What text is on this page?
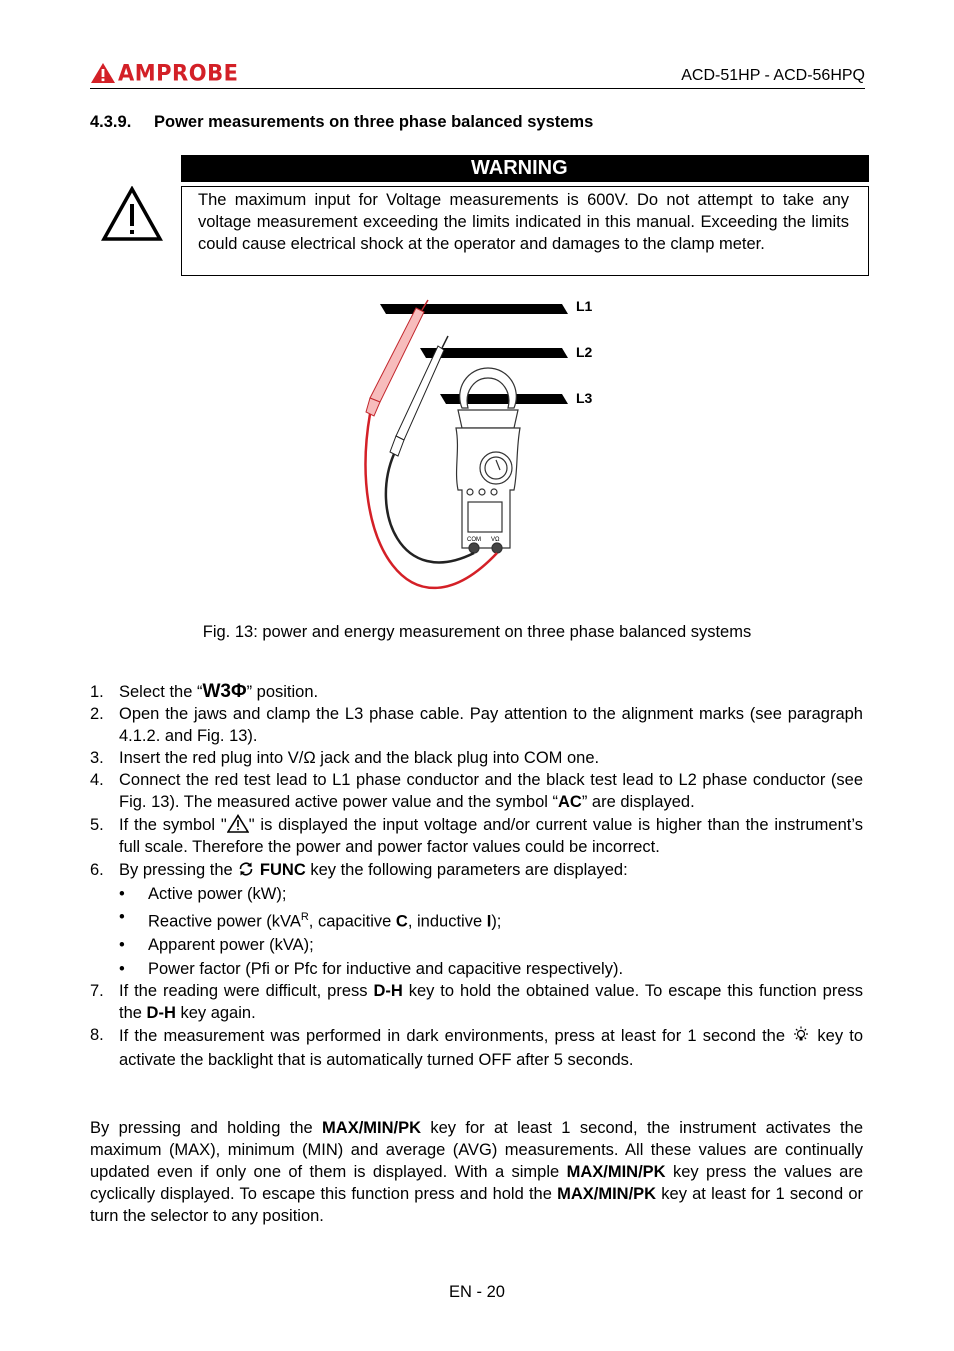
AMPROBE	ACD-51HP - ACD-56HPQ
4.3.9. Power measurements on three phase balanced systems
WARNING
The maximum input for Voltage measurements is 600V. Do not attempt to take any voltage measurement exceeding the limits indicated in this manual. Exceeding the limits could cause electrical shock at the operator and damages to the clamp meter.
L1
L2
L3
COM VΩ
Fig. 13: power and energy measurement on three phase balanced systems
1. Select the “W3Φ” position.
2. Open the jaws and clamp the L3 phase cable. Pay attention to the alignment marks (see paragraph 4.1.2. and Fig. 13).
3. Insert the red plug into V/Ω jack and the black plug into COM one.
4. Connect the red test lead to L1 phase conductor and the black test lead to L2 phase conductor (see Fig. 13). The measured active power value and the symbol “AC” are displayed.
5. If the symbol " " is displayed the input voltage and/or current value is higher than the instrument’s full scale. Therefore the power and power factor values could be incorrect.
6. By pressing the  FUNC key the following parameters are displayed:
•	Active power (kW);
•	Reactive power (kVA$^R$, capacitive C, inductive I);
•	Apparent power (kVA);
•	Power factor (Pfi or Pfc for inductive and capacitive respectively).
7. If the reading were difficult, press D-H key to hold the obtained value. To escape this function press the D-H key again.
8. If the measurement was performed in dark environments, press at least for 1 second the  key to activate the backlight that is automatically turned OFF after 5 seconds.
By pressing and holding the MAX/MIN/PK key for at least 1 second, the instrument activates the maximum (MAX), minimum (MIN) and average (AVG) measurements. All these values are continually updated even if only one of them is displayed. With a simple MAX/MIN/PK key press the values are cyclically displayed. To escape this function press and hold the MAX/MIN/PK key at least for 1 second or turn the selector to any position.
EN - 20
